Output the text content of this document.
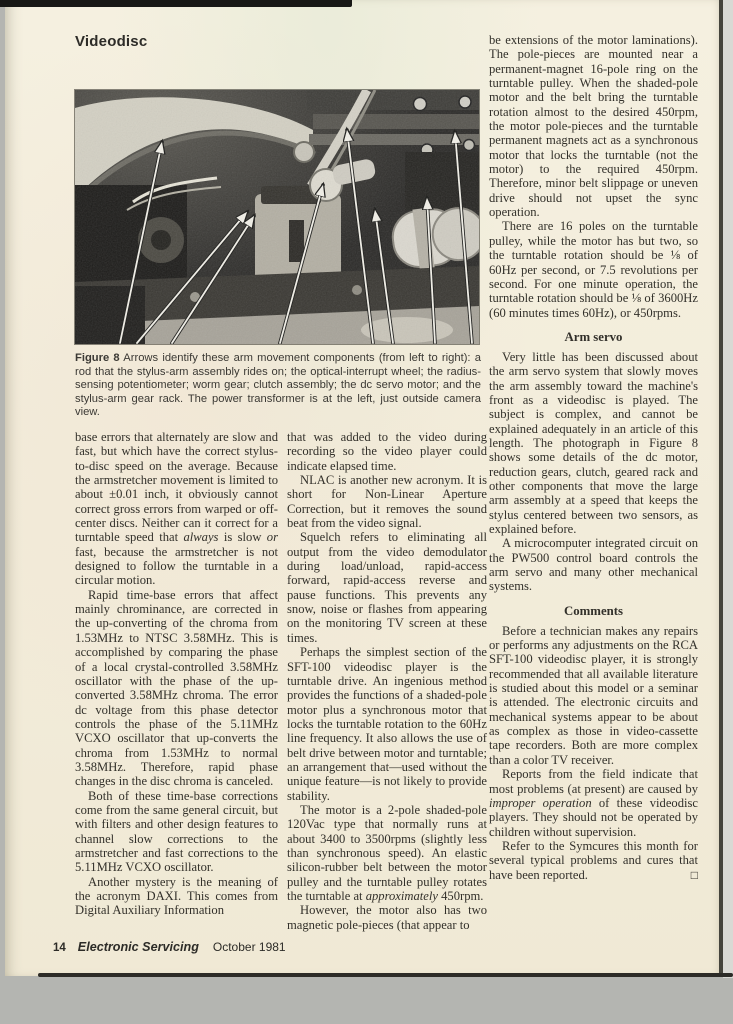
Videodisc
Figure 8 Arrows identify these arm movement components (from left to right): a rod that the stylus-arm assembly rides on; the optical-interrupt wheel; the radius-sensing potentiometer; worm gear; clutch assembly; the dc servo motor; and the stylus-arm gear rack. The power transformer is at the left, just outside camera view.

base errors that alternately are slow and fast, but which have the correct stylus-to-disc speed on the average. Because the armstretcher movement is limited to about ±0.01 inch, it obviously cannot correct gross errors from warped or off-center discs. Neither can it correct for a turntable speed that always is slow or fast, because the armstretcher is not designed to follow the turntable in a circular motion.

Rapid time-base errors that affect mainly chrominance, are corrected in the up-converting of the chroma from 1.53MHz to NTSC 3.58MHz. This is accomplished by comparing the phase of a local crystal-controlled 3.58MHz oscillator with the phase of the up-converted 3.58MHz chroma. The error dc voltage from this phase detector controls the phase of the 5.11MHz VCXO oscillator that up-converts the chroma from 1.53MHz to normal 3.58MHz. Therefore, rapid phase changes in the disc chroma is canceled.

Both of these time-base corrections come from the same general circuit, but with filters and other design features to channel slow corrections to the armstretcher and fast corrections to the 5.11MHz VCXO oscillator.

Another mystery is the meaning of the acronym DAXI. This comes from Digital Auxiliary Information

that was added to the video during recording so the video player could indicate elapsed time.

NLAC is another new acronym. It is short for Non-Linear Aperture Correction, but it removes the sound beat from the video signal.

Squelch refers to eliminating all output from the video demodulator during load/unload, rapid-access forward, rapid-access reverse and pause functions. This prevents any snow, noise or flashes from appearing on the monitoring TV screen at these times.

Perhaps the simplest section of the SFT-100 videodisc player is the turntable drive. An ingenious method provides the functions of a shaded-pole motor plus a synchronous motor that locks the turntable rotation to the 60Hz line frequency. It also allows the use of belt drive between motor and turntable; an arrangement that—used without the unique feature—is not likely to provide stability.

The motor is a 2-pole shaded-pole 120Vac type that normally runs at about 3400 to 3500rpms (slightly less than synchronous speed). An elastic silicon-rubber belt between the motor pulley and the turntable pulley rotates the turntable at approximately 450rpm.

However, the motor also has two magnetic pole-pieces (that appear to

be extensions of the motor laminations). The pole-pieces are mounted near a permanent-magnet 16-pole ring on the turntable pulley. When the shaded-pole motor and the belt bring the turntable rotation almost to the desired 450rpm, the motor pole-pieces and the turntable permanent magnets act as a synchronous motor that locks the turntable (not the motor) to the required 450rpm. Therefore, minor belt slippage or uneven drive should not upset the sync operation.

There are 16 poles on the turntable pulley, while the motor has but two, so the turntable rotation should be ⅛ of 60Hz per second, or 7.5 revolutions per second. For one minute operation, the turntable rotation should be ⅛ of 3600Hz (60 minutes times 60Hz), or 450rpms.

Arm servo

Very little has been discussed about the arm servo system that slowly moves the arm assembly toward the machine's front as a videodisc is played. The subject is complex, and cannot be explained adequately in an article of this length. The photograph in Figure 8 shows some details of the dc motor, reduction gears, clutch, geared rack and other components that move the large arm assembly at a speed that keeps the stylus centered between two sensors, as explained before.

A microcomputer integrated circuit on the PW500 control board controls the arm servo and many other mechanical systems.

Comments

Before a technician makes any repairs or performs any adjustments on the RCA SFT-100 videodisc player, it is strongly recommended that all available literature is studied about this model or a seminar is attended. The electronic circuits and mechanical systems appear to be about as complex as those in video-cassette tape recorders. Both are more complex than a color TV receiver.

Reports from the field indicate that most problems (at present) are caused by improper operation of these videodisc players. They should not be operated by children without supervision.

Refer to the Symcures this month for several typical problems and cures that have been reported.	□

14 Electronic Servicing October 1981
